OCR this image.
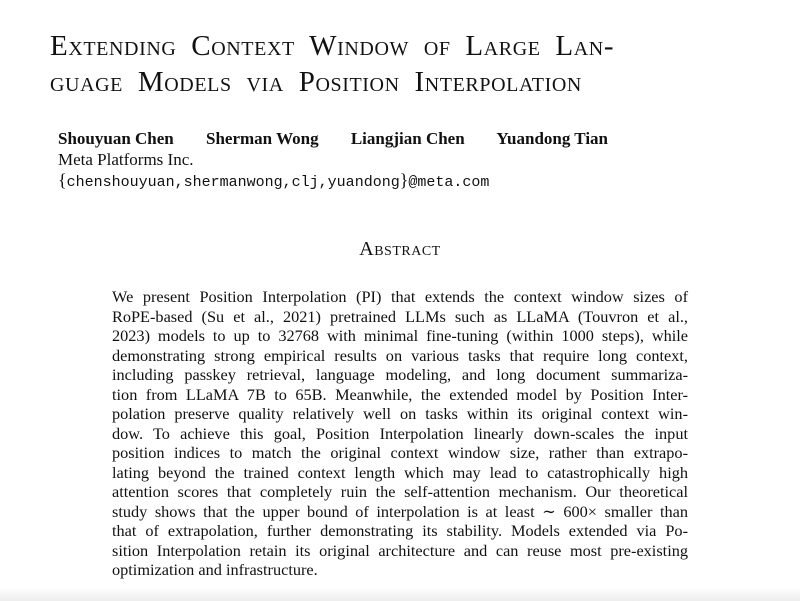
Extending Context Window of Large Lan-
guage Models via Position Interpolation
Shouyuan Chen Sherman Wong Liangjian Chen Yuandong Tian
Meta Platforms Inc.
{chenshouyuan,shermanwong,clj,yuandong}@meta.com
Abstract
We present Position Interpolation (PI) that extends the context window sizes of
RoPE-based (Su et al., 2021) pretrained LLMs such as LLaMA (Touvron et al.,
2023) models to up to 32768 with minimal fine-tuning (within 1000 steps), while
demonstrating strong empirical results on various tasks that require long context,
including passkey retrieval, language modeling, and long document summariza-
tion from LLaMA 7B to 65B. Meanwhile, the extended model by Position Inter-
polation preserve quality relatively well on tasks within its original context win-
dow. To achieve this goal, Position Interpolation linearly down-scales the input
position indices to match the original context window size, rather than extrapo-
lating beyond the trained context length which may lead to catastrophically high
attention scores that completely ruin the self-attention mechanism. Our theoretical
study shows that the upper bound of interpolation is at least ∼ 600× smaller than
that of extrapolation, further demonstrating its stability. Models extended via Po-
sition Interpolation retain its original architecture and can reuse most pre-existing
optimization and infrastructure.
